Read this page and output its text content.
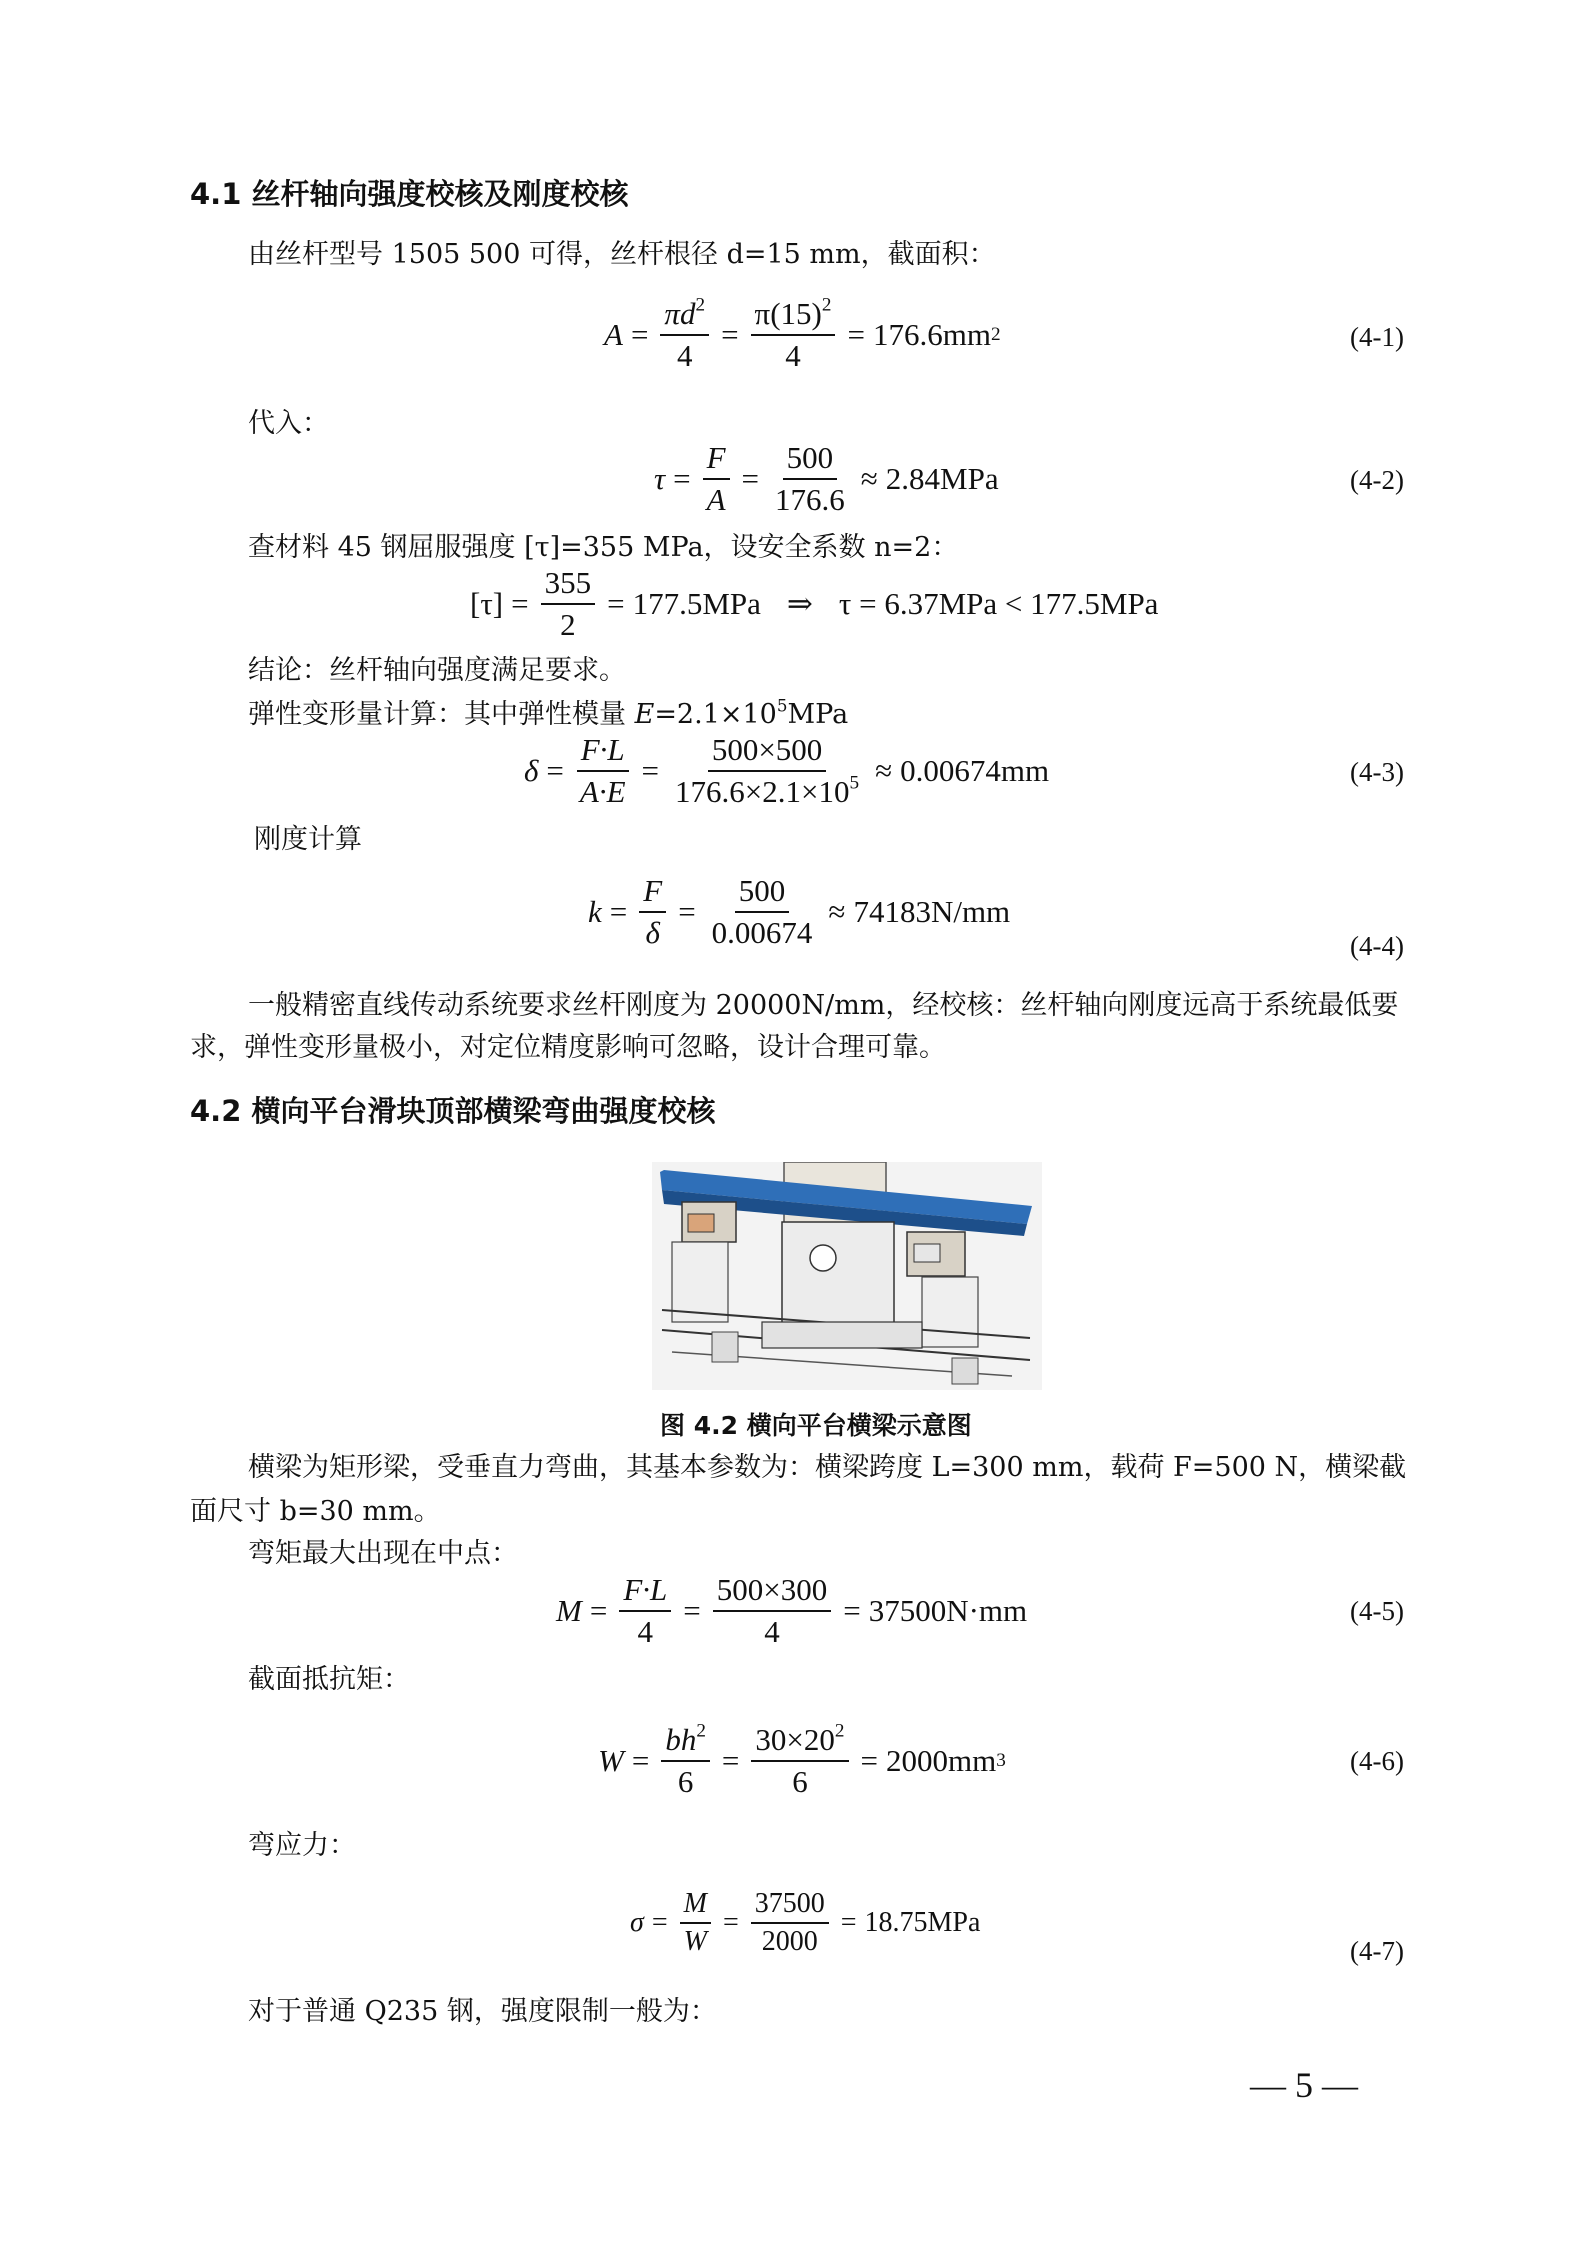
4.1 丝杆轴向强度校核及刚度校核
由丝杆型号 1505 500 可得，丝杆根径 d=15 mm，截面积：
$A = \frac{\pi d^2}{4} = \frac{\pi(15)^2}{4} = 176.6mm$ 2	(4-1)
代入：
$\tau = \frac{F}{A} = \frac{500}{176.6} \approx 2.84MPa$	(4-2)
查材料 45 钢屈服强度 [τ]=355 MPa，设安全系数 n=2：
$[\tau] = \frac{355}{2} = 177.5MPa$ ⇒ τ = 6.37MPa < 177.5MPa
结论：丝杆轴向强度满足要求。
弹性变形量计算：其中弹性模量 $E=2.1\times 10^5MPa$
$\delta = \frac{F\cdot L}{A\cdot E} = \frac{500\times 500}{176.6\times 2.1\times 10^5} \approx 0.00674mm$	(4-3)
刚度计算
$k = \frac{F}{\delta} = \frac{500}{0.00674} \approx 74183N/mm$
(4-4)
一般精密直线传动系统要求丝杆刚度为 20000N/mm，经校核：丝杆轴向刚度远高于系统最低要
求，弹性变形量极小，对定位精度影响可忽略，设计合理可靠。
4.2 横向平台滑块顶部横梁弯曲强度校核
图 4.2 横向平台横梁示意图
横梁为矩形梁，受垂直力弯曲，其基本参数为：横梁跨度 L=300 mm，载荷 F=500 N，横梁截
面尺寸 b=30 mm。
弯矩最大出现在中点：
$M = \frac{F\cdot L}{4} = \frac{500\times 300}{4} = 37500N\cdot mm$	(4-5)
截面抵抗矩：
$W = \frac{bh^2}{6} = \frac{30\times 20^2}{6} = 2000mm$ 3	(4-6)
弯应力：
$\sigma = \frac{M}{W} = \frac{37500}{2000} = 18.75MPa$
(4-7)
对于普通 Q235 钢，强度限制一般为：
— 5 —
